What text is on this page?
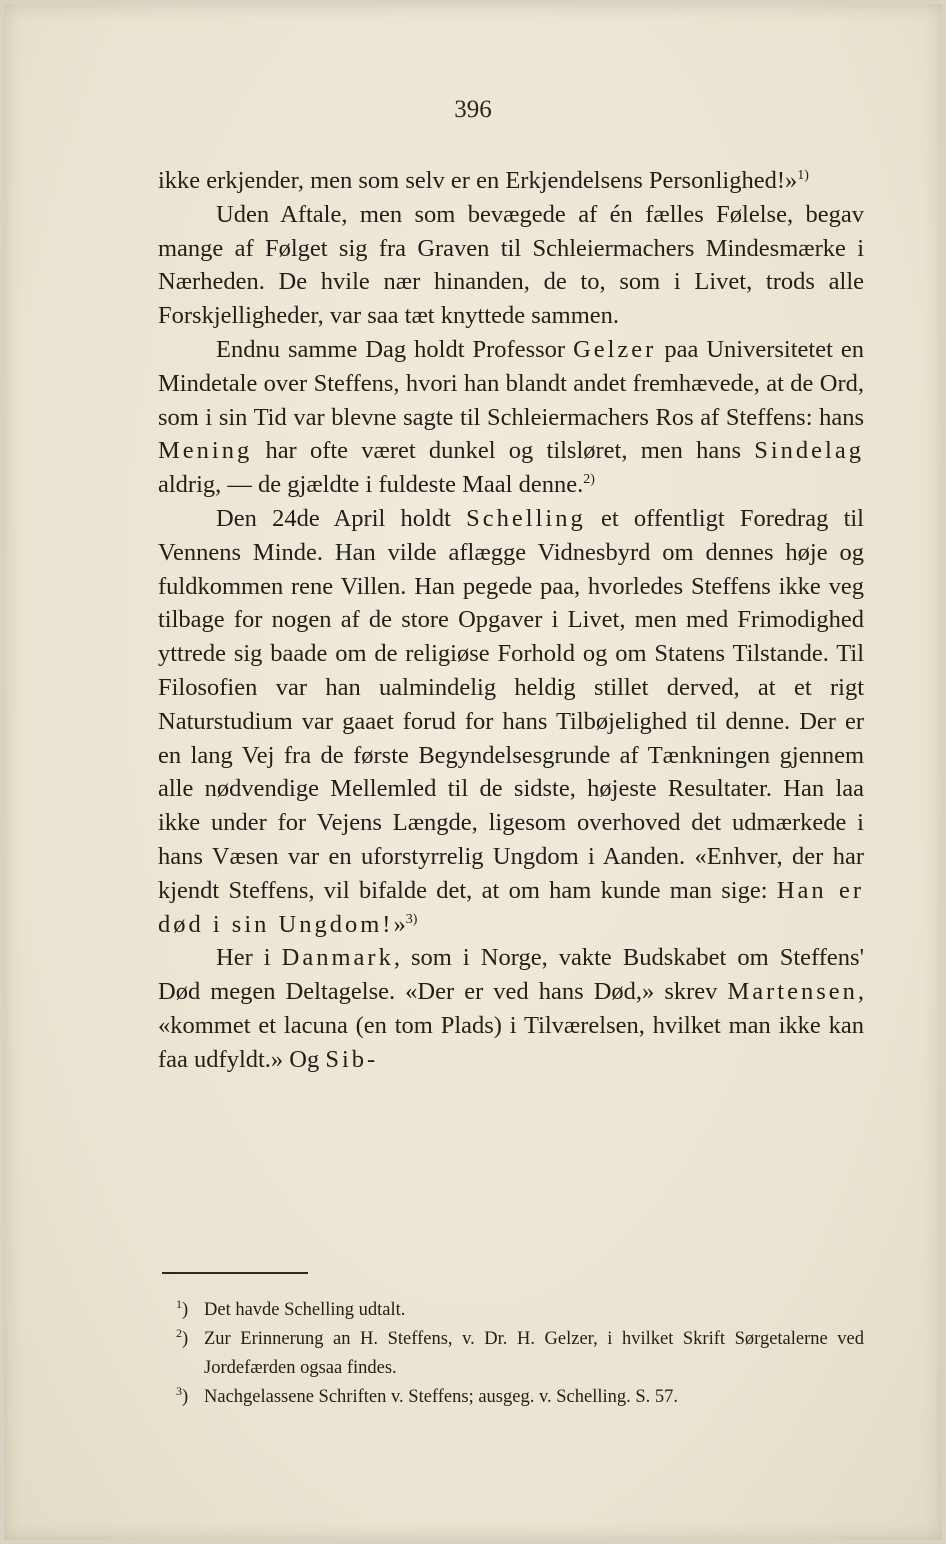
396

ikke erkjender, men som selv er en Erkjendelsens Personlighed!»$^{1)}$

Uden Aftale, men som bevægede af én fælles Følelse, begav mange af Følget sig fra Graven til Schleiermachers Mindesmærke i Nærheden. De hvile nær hinanden, de to, som i Livet, trods alle Forskjelligheder, var saa tæt knyttede sammen.

Endnu samme Dag holdt Professor Gelzer paa Universitetet en Mindetale over Steffens, hvori han blandt andet fremhævede, at de Ord, som i sin Tid var blevne sagte til Schleiermachers Ros af Steffens: hans Mening har ofte været dunkel og tilsløret, men hans Sindelag aldrig, — de gjældte i fuldeste Maal denne.$^{2)}$

Den 24de April holdt Schelling et offentligt Foredrag til Vennens Minde. Han vilde aflægge Vidnesbyrd om dennes høje og fuldkommen rene Villen. Han pegede paa, hvorledes Steffens ikke veg tilbage for nogen af de store Opgaver i Livet, men med Frimodighed yttrede sig baade om de religiøse Forhold og om Statens Tilstande. Til Filosofien var han ualmindelig heldig stillet derved, at et rigt Naturstudium var gaaet forud for hans Tilbøjelighed til denne. Der er en lang Vej fra de første Begyndelsesgrunde af Tænkningen gjennem alle nødvendige Mellemled til de sidste, højeste Resultater. Han laa ikke under for Vejens Længde, ligesom overhoved det udmærkede i hans Væsen var en uforstyrrelig Ungdom i Aanden. «Enhver, der har kjendt Steffens, vil bifalde det, at om ham kunde man sige: Han er død i sin Ungdom!»$^{3)}$

Her i Danmark, som i Norge, vakte Budskabet om Steffens' Død megen Deltagelse. «Der er ved hans Død,» skrev Martensen, «kommet et lacuna (en tom Plads) i Tilværelsen, hvilket man ikke kan faa udfyldt.» Og Sib-

$^1$) Det havde Schelling udtalt.

$^2$) Zur Erinnerung an H. Steffens, v. Dr. H. Gelzer, i hvilket Skrift Sørgetalerne ved Jordefærden ogsaa findes.

$^3$) Nachgelassene Schriften v. Steffens; ausgeg. v. Schelling. S. 57.
